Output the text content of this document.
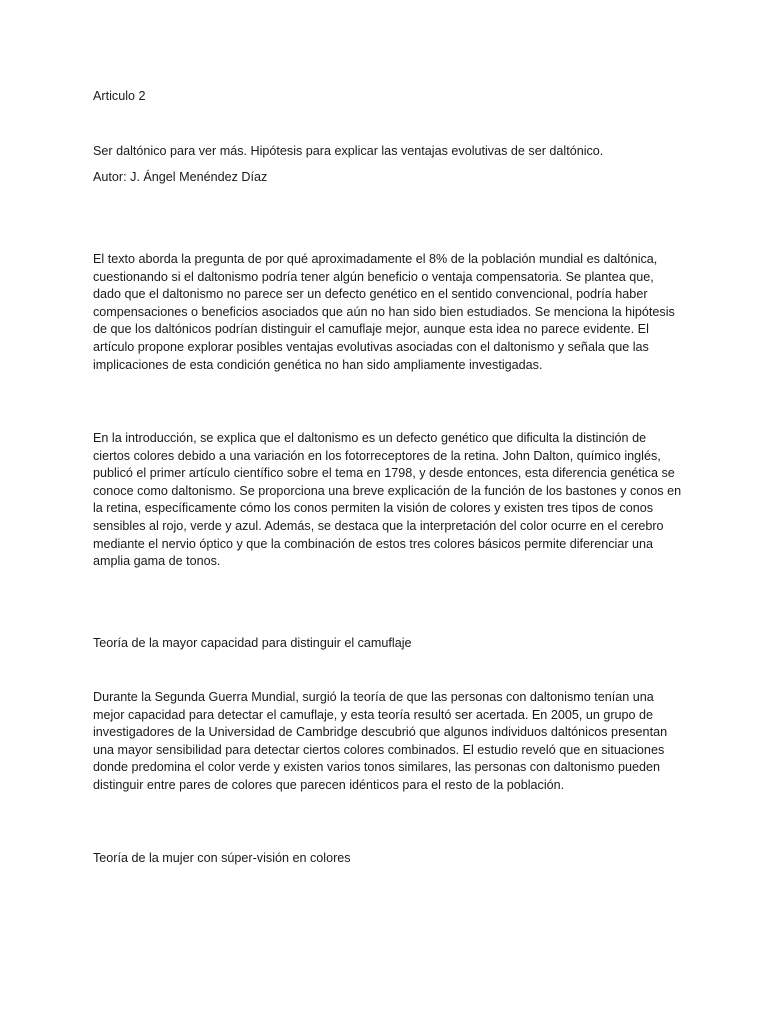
Articulo 2

Ser daltónico para ver más. Hipótesis para explicar las ventajas evolutivas de ser daltónico.

Autor: J. Ángel Menéndez Díaz

El texto aborda la pregunta de por qué aproximadamente el 8% de la población mundial es daltónica, cuestionando si el daltonismo podría tener algún beneficio o ventaja compensatoria. Se plantea que, dado que el daltonismo no parece ser un defecto genético en el sentido convencional, podría haber compensaciones o beneficios asociados que aún no han sido bien estudiados. Se menciona la hipótesis de que los daltónicos podrían distinguir el camuflaje mejor, aunque esta idea no parece evidente. El artículo propone explorar posibles ventajas evolutivas asociadas con el daltonismo y señala que las implicaciones de esta condición genética no han sido ampliamente investigadas.

En la introducción, se explica que el daltonismo es un defecto genético que dificulta la distinción de ciertos colores debido a una variación en los fotorreceptores de la retina. John Dalton, químico inglés, publicó el primer artículo científico sobre el tema en 1798, y desde entonces, esta diferencia genética se conoce como daltonismo. Se proporciona una breve explicación de la función de los bastones y conos en la retina, específicamente cómo los conos permiten la visión de colores y existen tres tipos de conos sensibles al rojo, verde y azul. Además, se destaca que la interpretación del color ocurre en el cerebro mediante el nervio óptico y que la combinación de estos tres colores básicos permite diferenciar una amplia gama de tonos.

Teoría de la mayor capacidad para distinguir el camuflaje

Durante la Segunda Guerra Mundial, surgió la teoría de que las personas con daltonismo tenían una mejor capacidad para detectar el camuflaje, y esta teoría resultó ser acertada. En 2005, un grupo de investigadores de la Universidad de Cambridge descubrió que algunos individuos daltónicos presentan una mayor sensibilidad para detectar ciertos colores combinados. El estudio reveló que en situaciones donde predomina el color verde y existen varios tonos similares, las personas con daltonismo pueden distinguir entre pares de colores que parecen idénticos para el resto de la población.

Teoría de la mujer con súper-visión en colores
